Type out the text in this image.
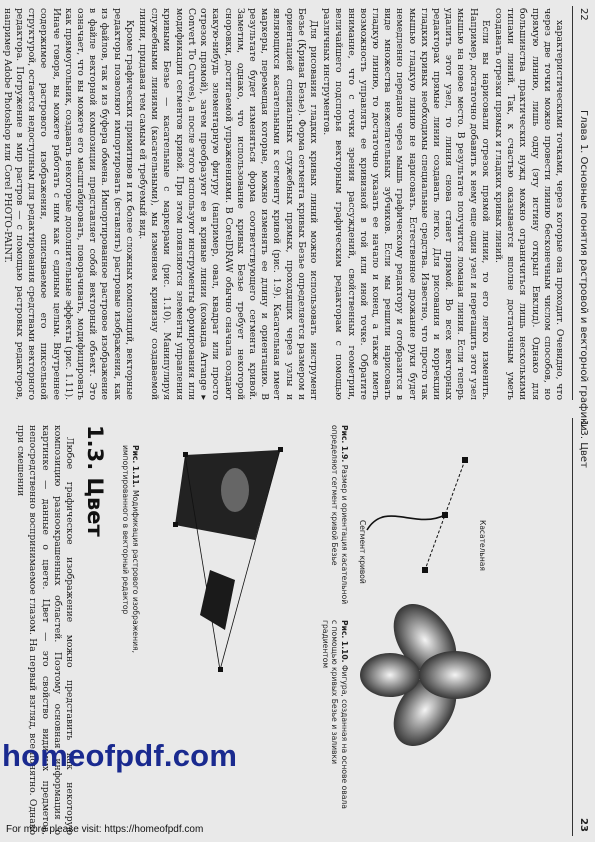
22
Глава 1. Основные понятия растровой и векторной графики

характеристическими точками, через которые она проходит. Очевидно, что через две точки можно провести линию бесконечным числом способов, но прямую линию, лишь одну (эту истину открыл Евклид). Однако для большинства практических нужд можно ограничиться лишь несколькими типами линий. Так, к счастью оказывается вполне достаточным уметь создавать отрезки прямых и гладких кривых линий.

Если вы нарисовали отрезок прямой линии, то его легко изменить. Например, достаточно добавить к нему еще один узел и перетащить этот узел мышью на новое место. В результате получится ломаная линия. Если теперь удалить этот узел, то линия снова станет прямой. Во всех векторных редакторах прямые линии создавать легко. Для рисования и коррекции гладких кривых необходимы специальные средства. Известно, что просто так мышью гладкую линию не нарисовать. Естественное дрожание руки будет немедленно передано через мышь графическому редактору и отобразится в виде множества нежелательных зубчиков. Если мы решили нарисовать гладкую линию, то достаточно указать ее начало и конец, а также иметь возможность управлять ее кривизной в той или иной точке. Обратите внимание, что с точки зрения рассуждений, свойственных геометрии, величайшего подспорья векторным графическим редакторам с помощью различных инструментов.

Для рисования гладких кривых линий можно использовать инструмент Безье (Кривая Безье). Форма сегмента кривых Безье определяется размером и ориентацией специальных служебных прямых, проходящих через узлы и являющихся касательными к сегменту кривой (рис. 1.9). Касательная имеет маркеры, перемещая которые, можно изменять ее длину и ориентацию. В результате будет изменяться форма соответствующего сегмента кривой. Заметим, однако, что использование кривых Безье требует некоторой сноровки, достигаемой упражнениями. В CorelDRAW обычно сначала создают какую-нибудь элементарную фигуру (например, овал, квадрат или просто отрезок прямой), затем преобразуют ее в кривые линии (команда Arrange ▸ Convert To Curves), а после этого используют инструменты формирования или модификации сегментов кривой. При этом появляются элементы управления кривыми Безье — касательные с маркерами (рис. 1.10). Манипулируя служебными линиями (касательными), мы изменяем кривизну создаваемой линии, придавая тем самым ей требуемый вид.

Кроме графических примитивов и их более сложных композиций, векторные редакторы позволяют импортировать (вставлять) растровые изображения, как из файлов, так и из буфера обмена. Импортированное растровое изображение в файле векторной композиции представляет собой векторный объект. Это означает, что вы можете его масштабировать, поворачивать, модифицировать как прямоугольник, создавать некоторые дополнительные эффекты (рис. 1.11). Иначе говоря, вы можете работать с ним как с единым целым. Внутреннее содержимое растрового изображения, описываемое его пиксельной структурой, остается недоступным для редактирования средствами векторного редактора. Погружение в мир растров — с помощью растровых редакторов, например Adobe Photoshop или Corel PHOTO-PAINT.

1.3. Цвет
23
Касательная
Сегмент кривой
Рис. 1.9. Размер и ориентация касательной определяют сегмент кривой Безье
Рис. 1.10. Фигура, созданная на основе овала с помощью кривых Безье и заливки градиентом
Рис. 1.11. Модификация растрового изображения, импортированного в векторный редактор
1.3. Цвет

Любое графическое изображение можно представить как некоторую композицию разноокрашенных областей. Поэтому основная информация о картинке — данные о цвете. Цвет — это свойство видимых предметов, непосредственно воспринимаемое глазом. На первый взгляд, все понятно. Однако при смешении

homeofpdf.com
For more please visit: https://homeofpdf.com
